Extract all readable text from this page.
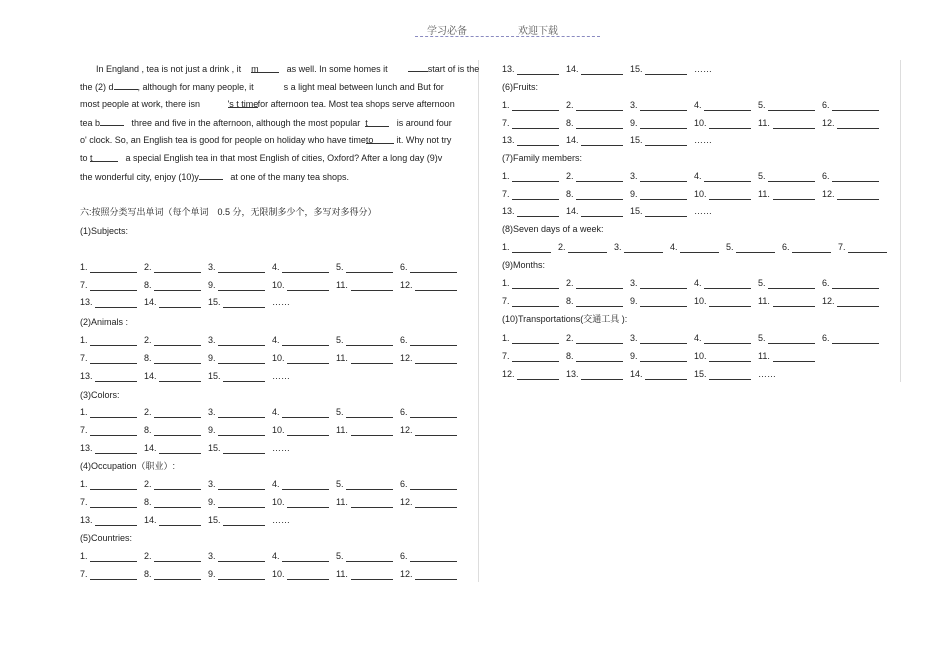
学习必备	欢迎下载
In England , tea is not just a drink , it m	as well. In some homes it	start of is the
the (2) d	, although for many people, it	s a light meal between lunch and But for
most people at work, there isn	's t timefor afternoon tea. Most tea shops serve afternoon
tea b	three and five in the afternoon, although the most popular t	is around four
o' clock. So, an English tea is good for people on holiday who have timeto	it. Why not try
to t	a special English tea in that most English of cities, Oxford? After a long day (9)v
the wonderful city, enjoy (10)y	at one of the many tea shops.
六:按照分类写出单词（每个单词　0.5 分，无限制多少个，多写对多得分）
(1)Subjects:
1.	2.	3.	4.	5.	6.
7.	8.	9.	10.	11.	12.
13.	14.	15.	……
(2)Animals :
1.	2.	3.	4.	5.	6.
7.	8.	9.	10.	11.	12.
13.	14.	15.	……
(3)Colors:
1.	2.	3.	4.	5.	6.
7.	8.	9.	10.	11.	12.
13.	14.	15.	……
(4)Occupation（职业）:
1.	2.	3.	4.	5.	6.
7.	8.	9.	10.	11.	12.
13.	14.	15.	……
(5)Countries:
1.	2.	3.	4.	5.	6.
7.	8.	9.	10.	11.	12.
13.	14.	15.	……
(6)Fruits:
1.	2.	3.	4.	5.	6.
7.	8.	9.	10.	11.	12.
13.	14.	15.	……
(7)Family members:
1.	2.	3.	4.	5.	6.
7.	8.	9.	10.	11.	12.
13.	14.	15.	……
(8)Seven days of a week:
1.	2.	3.	4.	5.	6.	7.
(9)Months:
1.	2.	3.	4.	5.	6.
7.	8.	9.	10.	11.	12.
(10)Transportations(交通工具 ):
1.	2.	3.	4.	5.	6.
7.	8.	9.	10.	11.
12.	13.	14.	15.	……
